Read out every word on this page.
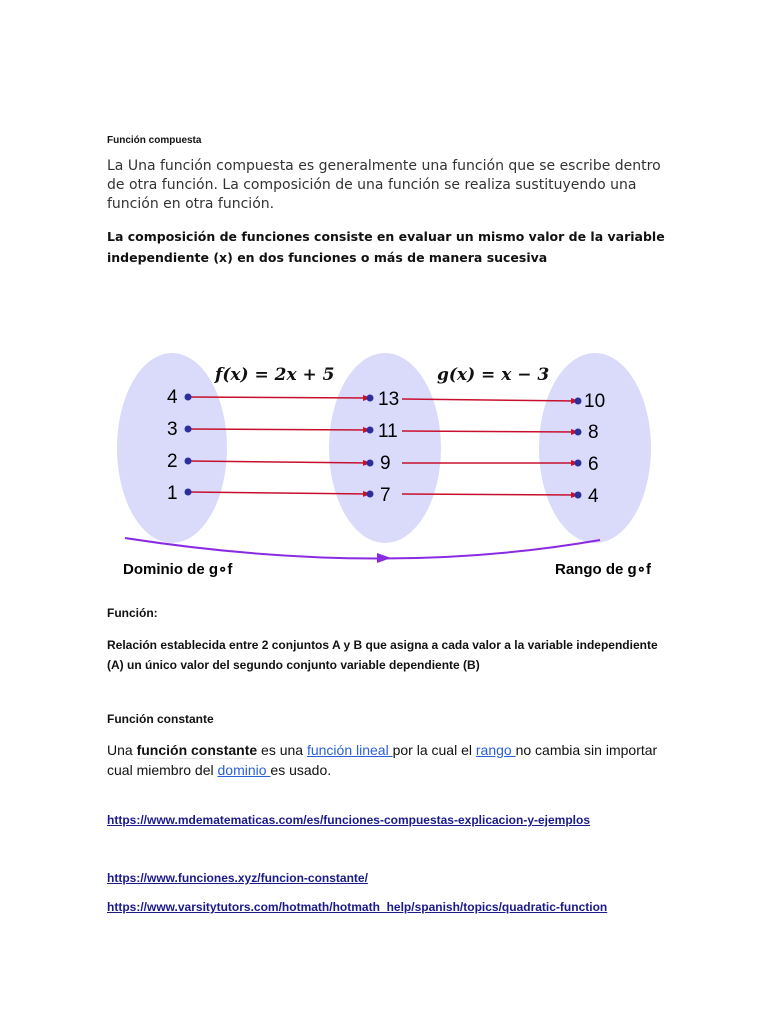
Función compuesta
La Una función compuesta es generalmente una función que se escribe dentro de otra función. La composición de una función se realiza sustituyendo una función en otra función.
La composición de funciones consiste en evaluar un mismo valor de la variable independiente (x) en dos funciones o más de manera sucesiva
f(x) = 2x + 5	g(x) = x − 3
4	13	10
3	11	8
2	9	6
1	7	4
Dominio de g∘f	Rango de g∘f
Función:
Relación establecida entre 2 conjuntos A y B que asigna a cada valor a la variable independiente (A) un único valor del segundo conjunto variable dependiente (B)
Función constante
Una función constante es una función lineal por la cual el rango no cambia sin importar cual miembro del dominio es usado.
https://www.mdematematicas.com/es/funciones-compuestas-explicacion-y-ejemplos
https://www.funciones.xyz/funcion-constante/
https://www.varsitytutors.com/hotmath/hotmath_help/spanish/topics/quadratic-function
